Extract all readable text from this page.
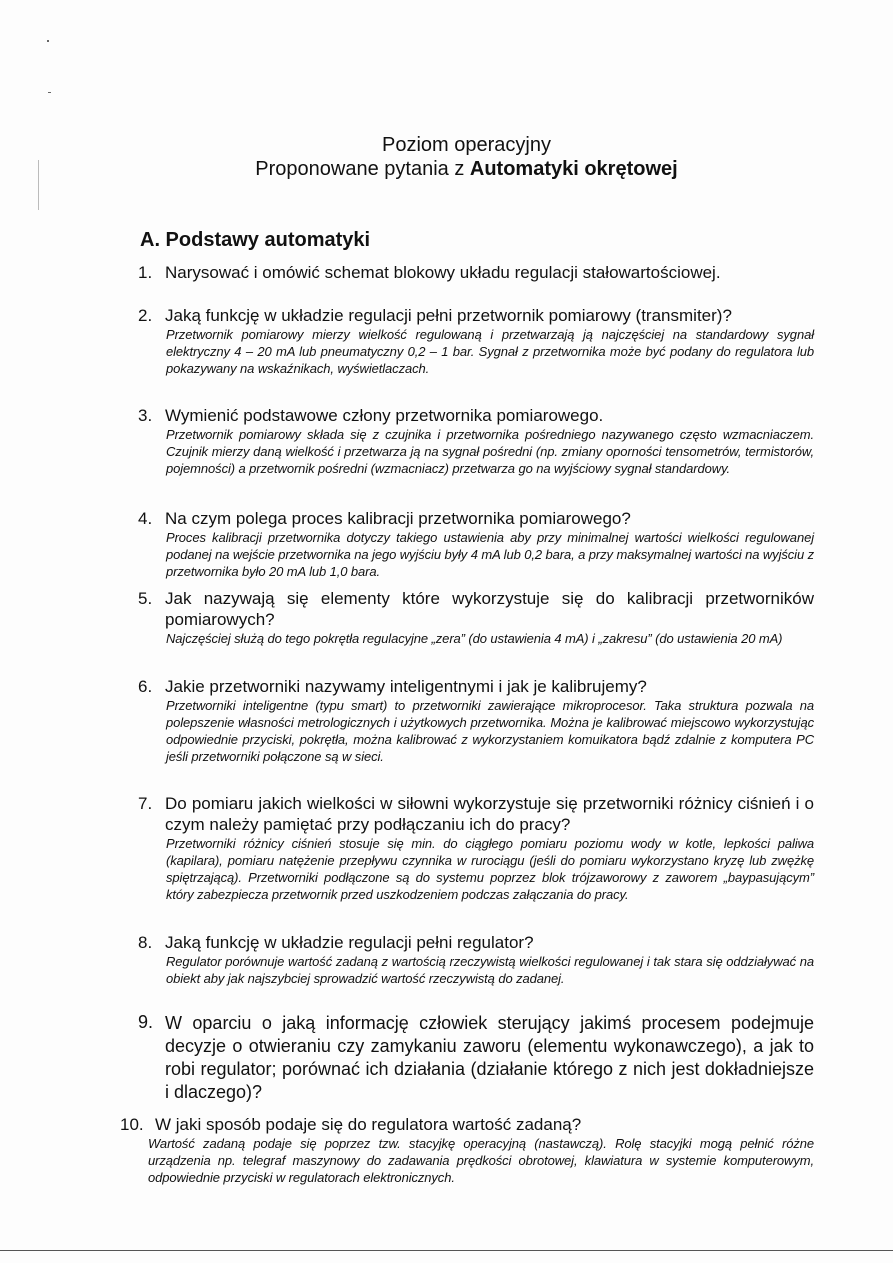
Poziom operacyjny

Proponowane pytania z Automatyki okrętowej

A. Podstawy automatyki
1. Narysować i omówić schemat blokowy układu regulacji stałowartościowej.
2. Jaką funkcję w układzie regulacji pełni przetwornik pomiarowy (transmiter)?
Przetwornik pomiarowy mierzy wielkość regulowaną i przetwarzają ją najczęściej na standardowy sygnał elektryczny 4 – 20 mA lub pneumatyczny 0,2 – 1 bar. Sygnał z przetwornika może być podany do regulatora lub pokazywany na wskaźnikach, wyświetlaczach.
3. Wymienić podstawowe człony przetwornika pomiarowego.
Przetwornik pomiarowy składa się z czujnika i przetwornika pośredniego nazywanego często wzmacniaczem. Czujnik mierzy daną wielkość i przetwarza ją na sygnał pośredni (np. zmiany oporności tensometrów, termistorów, pojemności) a przetwornik pośredni (wzmacniacz) przetwarza go na wyjściowy sygnał standardowy.
4. Na czym polega proces kalibracji przetwornika pomiarowego?
Proces kalibracji przetwornika dotyczy takiego ustawienia aby przy minimalnej wartości wielkości regulowanej podanej na wejście przetwornika na jego wyjściu były 4 mA lub 0,2 bara, a przy maksymalnej wartości na wyjściu z przetwornika było 20 mA lub 1,0 bara.
5. Jak nazywają się elementy które wykorzystuje się do kalibracji przetworników pomiarowych?
Najczęściej służą do tego pokrętła regulacyjne „zera” (do ustawienia 4 mA) i „zakresu” (do ustawienia 20 mA)
6. Jakie przetworniki nazywamy inteligentnymi i jak je kalibrujemy?
Przetworniki inteligentne (typu smart) to przetworniki zawierające mikroprocesor. Taka struktura pozwala na polepszenie własności metrologicznych i użytkowych przetwornika. Można je kalibrować miejscowo wykorzystując odpowiednie przyciski, pokrętła, można kalibrować z wykorzystaniem komuikatora bądź zdalnie z komputera PC jeśli przetworniki połączone są w sieci.
7. Do pomiaru jakich wielkości w siłowni wykorzystuje się przetworniki różnicy ciśnień i o czym należy pamiętać przy podłączaniu ich do pracy?
Przetworniki różnicy ciśnień stosuje się min. do ciągłego pomiaru poziomu wody w kotle, lepkości paliwa (kapilara), pomiaru natężenie przepływu czynnika w rurociągu (jeśli do pomiaru wykorzystano kryzę lub zwężkę spiętrzającą). Przetworniki podłączone są do systemu poprzez blok trójzaworowy z zaworem „baypasującym” który zabezpiecza przetwornik przed uszkodzeniem podczas załączania do pracy.
8. Jaką funkcję w układzie regulacji pełni regulator?
Regulator porównuje wartość zadaną z wartością rzeczywistą wielkości regulowanej i tak stara się oddziaływać na obiekt aby jak najszybciej sprowadzić wartość rzeczywistą do zadanej.
9. W oparciu o jaką informację człowiek sterujący jakimś procesem podejmuje decyzje o otwieraniu czy zamykaniu zaworu (elementu wykonawczego), a jak to robi regulator; porównać ich działania (działanie którego z nich jest dokładniejsze i dlaczego)?
10. W jaki sposób podaje się do regulatora wartość zadaną?
Wartość zadaną podaje się poprzez tzw. stacyjkę operacyjną (nastawczą). Rolę stacyjki mogą pełnić różne urządzenia np. telegraf maszynowy do zadawania prędkości obrotowej, klawiatura w systemie komputerowym, odpowiednie przyciski w regulatorach elektronicznych.
